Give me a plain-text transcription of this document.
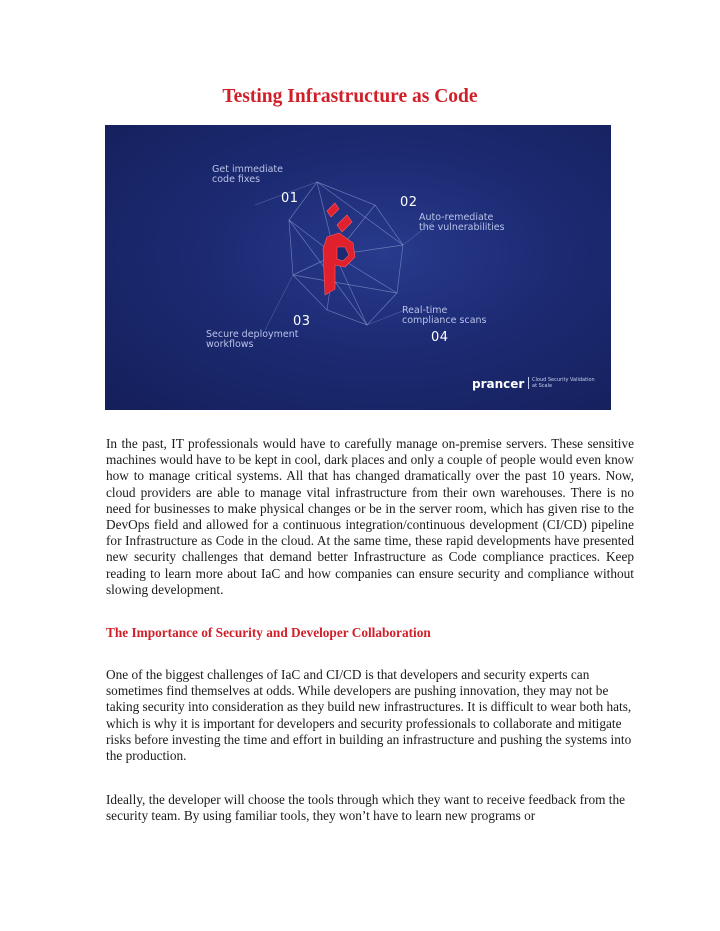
Testing Infrastructure as Code
Get immediate
code fixes
01	02
Auto-remediate
the vulnerabilities
Real-time
compliance scans
03
Secure deployment
workflows	04
prancer	Cloud Security Validation
at Scale

In the past, IT professionals would have to carefully manage on-premise servers. These sensitive machines would have to be kept in cool, dark places and only a couple of people would even know how to manage critical systems. All that has changed dramatically over the past 10 years. Now, cloud providers are able to manage vital infrastructure from their own warehouses. There is no need for businesses to make physical changes or be in the server room, which has given rise to the DevOps field and allowed for a continuous integration/continuous development (CI/CD) pipeline for Infrastructure as Code in the cloud. At the same time, these rapid developments have presented new security challenges that demand better Infrastructure as Code compliance practices. Keep reading to learn more about IaC and how companies can ensure security and compliance without slowing development.

The Importance of Security and Developer Collaboration

One of the biggest challenges of IaC and CI/CD is that developers and security experts can sometimes find themselves at odds. While developers are pushing innovation, they may not be taking security into consideration as they build new infrastructures. It is difficult to wear both hats, which is why it is important for developers and security professionals to collaborate and mitigate risks before investing the time and effort in building an infrastructure and pushing the systems into the production.

Ideally, the developer will choose the tools through which they want to receive feedback from the security team. By using familiar tools, they won’t have to learn new programs or
